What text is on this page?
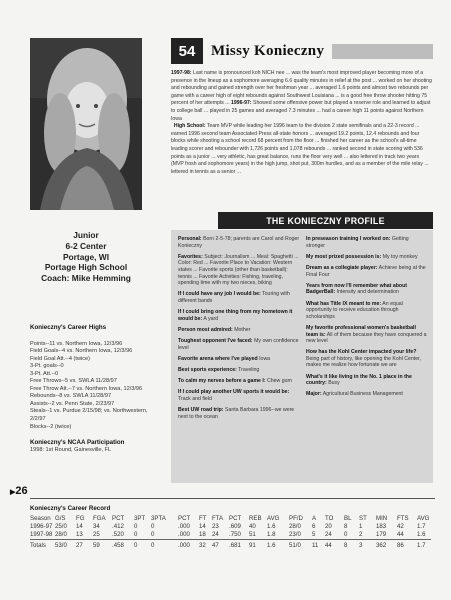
Junior
6-2 Center
Portage, WI
Portage High School
Coach: Mike Hemming
54	Missy Konieczny
1997-98: Last name is pronounced koh NICH nee ... was the team's most improved player becoming more of a presence in the lineup as a sophomore averaging 6.6 quality minutes in relief at the post ... worked on her shooting and rebounding and gained strength over her freshman year ... averaged 1.6 points and almost two rebounds per game with a career high of eight rebounds against Southwest Louisiana ... is a good free throw shooter hitting 75 percent of her attempts ... 1996-97: Showed some offensive power but played a reserve role and learned to adjust to college ball ... played in 25 games and averaged 7.3 minutes ... had a career high 11 points against Northern Iowa
High School: Team MVP while leading her 1996 team to the division 2 state semifinals and a 22-3 record ... earned 1996 second team Associated Press all-state honors ... averaged 19.2 points, 12.4 rebounds and four blocks while shooting a school record 68 percent from the floor ... finished her career as the school's all-time leading scorer and rebounder with 1,726 points and 1,078 rebounds ... ranked second in state scoring with 536 points as a junior ... very athletic, has great balance, runs the floor very well ... also lettered in track two years (MVP frosh and sophomore years) in the high jump, shot put, 300m hurdles, and as a member of the mile relay ... lettered in tennis as a senior ...
THE KONIECZNY PROFILE
Personal: Born 2-5-78; parents are Carol and Roger Konieczny
Favorites: Subject: Journalism ... Meal: Spaghetti ... Color: Red ... Favorite Place to Vacation: Western states ... Favorite sports (other than basketball): tennis ... Favorite Activities: Fishing, traveling, spending time with my two nieces, biking
If I could have any job I would be: Touring with different bands
If I could bring one thing from my hometown it would be: A yard
Person most admired: Mother
Toughest opponent I've faced: My own confidence level
Favorite arena where I've played Iowa
Best sports experience: Traveling
To calm my nerves before a game I: Chew gum
If I could play another UW sports it would be: Track and field
Best UW road trip: Santa Barbara 1996--we were next to the ocean
In preseason training I worked on: Getting stronger
My most prized possession is: My toy monkey
Dream as a collegiate player: Achieve being at the Final Four
Years from now I'll remember what about BadgerBall: Intensity and determination
What has Title IX meant to me: An equal opportunity to receive education through scholarships
My favorite professional women's basketball team is: All of them because they have conquered a new level
How has the Kohl Center impacted your life? Being part of history, like opening the Kohl Center, makes me realize how fortunate we are
What's it like living in the No. 1 place in the country: Busy
Major: Agricultural Business Management
Konieczny's Career Highs
Points--11 vs. Northern Iowa, 12/3/96
Field Goals--4 vs. Northern Iowa, 12/3/96
Field Goal Att.--4 (twice)
3-Pt. goals--0
3-Pt. Att.--0
Free Throws--5 vs. SWLA 11/28/97
Free Throw Att.--7 vs. Northern Iowa, 12/3/96
Rebounds--8 vs. SWLA 11/28/97
Assists--2 vs. Penn State, 2/23/97
Steals--1 vs. Purdue 2/15/98; vs. Northwestern, 2/2/97
Blocks--2 (twice)
Konieczny's NCAA Participation
1998: 1st Round, Gainesville, FL
▶26
Konieczny's Career Record
Season	G/S	FG	FGA	PCT	3PT	3PTA	PCT	FT	FTA	PCT	REB	AVG	PF/D	A	TO	BL	ST	MIN	FTS	AVG
1996-97	25/0	14	34	.412	0	0	.000	14	23	.609	40	1.6	28/0	6	20	8	1	183	42	1.7
1997-98	28/0	13	25	.520	0	0	.000	18	24	.750	51	1.8	23/0	5	24	0	2	179	44	1.6
Totals	53/0	27	59	.458	0	0	.000	32	47	.681	91	1.6	51/0	11	44	8	3	362	86	1.7
